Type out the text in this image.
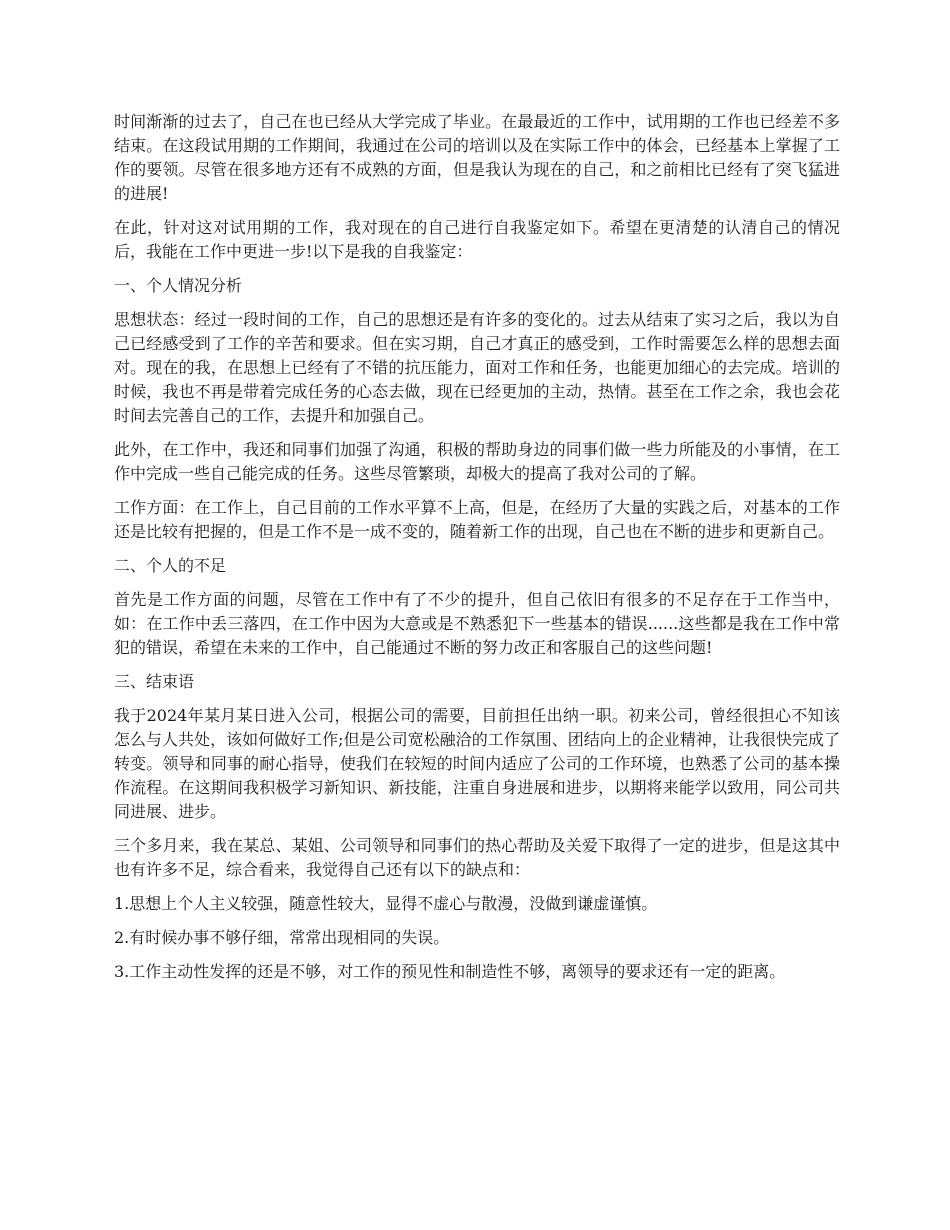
时间渐渐的过去了，自己在也已经从大学完成了毕业。在最最近的工作中，试用期的工作也已经差不多结束。在这段试用期的工作期间，我通过在公司的培训以及在实际工作中的体会，已经基本上掌握了工作的要领。尽管在很多地方还有不成熟的方面，但是我认为现在的自己，和之前相比已经有了突飞猛进的进展!

在此，针对这对试用期的工作，我对现在的自己进行自我鉴定如下。希望在更清楚的认清自己的情况后，我能在工作中更进一步!以下是我的自我鉴定：

一、个人情况分析

思想状态：经过一段时间的工作，自己的思想还是有许多的变化的。过去从结束了实习之后，我以为自己已经感受到了工作的辛苦和要求。但在实习期，自己才真正的感受到，工作时需要怎么样的思想去面对。现在的我，在思想上已经有了不错的抗压能力，面对工作和任务，也能更加细心的去完成。培训的时候，我也不再是带着完成任务的心态去做，现在已经更加的主动，热情。甚至在工作之余，我也会花时间去完善自己的工作，去提升和加强自己。

此外，在工作中，我还和同事们加强了沟通，积极的帮助身边的同事们做一些力所能及的小事情，在工作中完成一些自己能完成的任务。这些尽管繁琐，却极大的提高了我对公司的了解。

工作方面：在工作上，自己目前的工作水平算不上高，但是，在经历了大量的实践之后，对基本的工作还是比较有把握的，但是工作不是一成不变的，随着新工作的出现，自己也在不断的进步和更新自己。

二、个人的不足

首先是工作方面的问题，尽管在工作中有了不少的提升，但自己依旧有很多的不足存在于工作当中，如：在工作中丢三落四，在工作中因为大意或是不熟悉犯下一些基本的错误......这些都是我在工作中常犯的错误，希望在未来的工作中，自己能通过不断的努力改正和客服自己的这些问题!

三、结束语

我于2024年某月某日进入公司，根据公司的需要，目前担任出纳一职。初来公司，曾经很担心不知该怎么与人共处，该如何做好工作;但是公司宽松融洽的工作氛围、团结向上的企业精神，让我很快完成了转变。领导和同事的耐心指导，使我们在较短的时间内适应了公司的工作环境，也熟悉了公司的基本操作流程。在这期间我积极学习新知识、新技能，注重自身进展和进步，以期将来能学以致用，同公司共同进展、进步。

三个多月来，我在某总、某姐、公司领导和同事们的热心帮助及关爱下取得了一定的进步，但是这其中也有许多不足，综合看来，我觉得自己还有以下的缺点和：

1.思想上个人主义较强，随意性较大，显得不虚心与散漫，没做到谦虚谨慎。

2.有时候办事不够仔细，常常出现相同的失误。

3.工作主动性发挥的还是不够，对工作的预见性和制造性不够，离领导的要求还有一定的距离。
